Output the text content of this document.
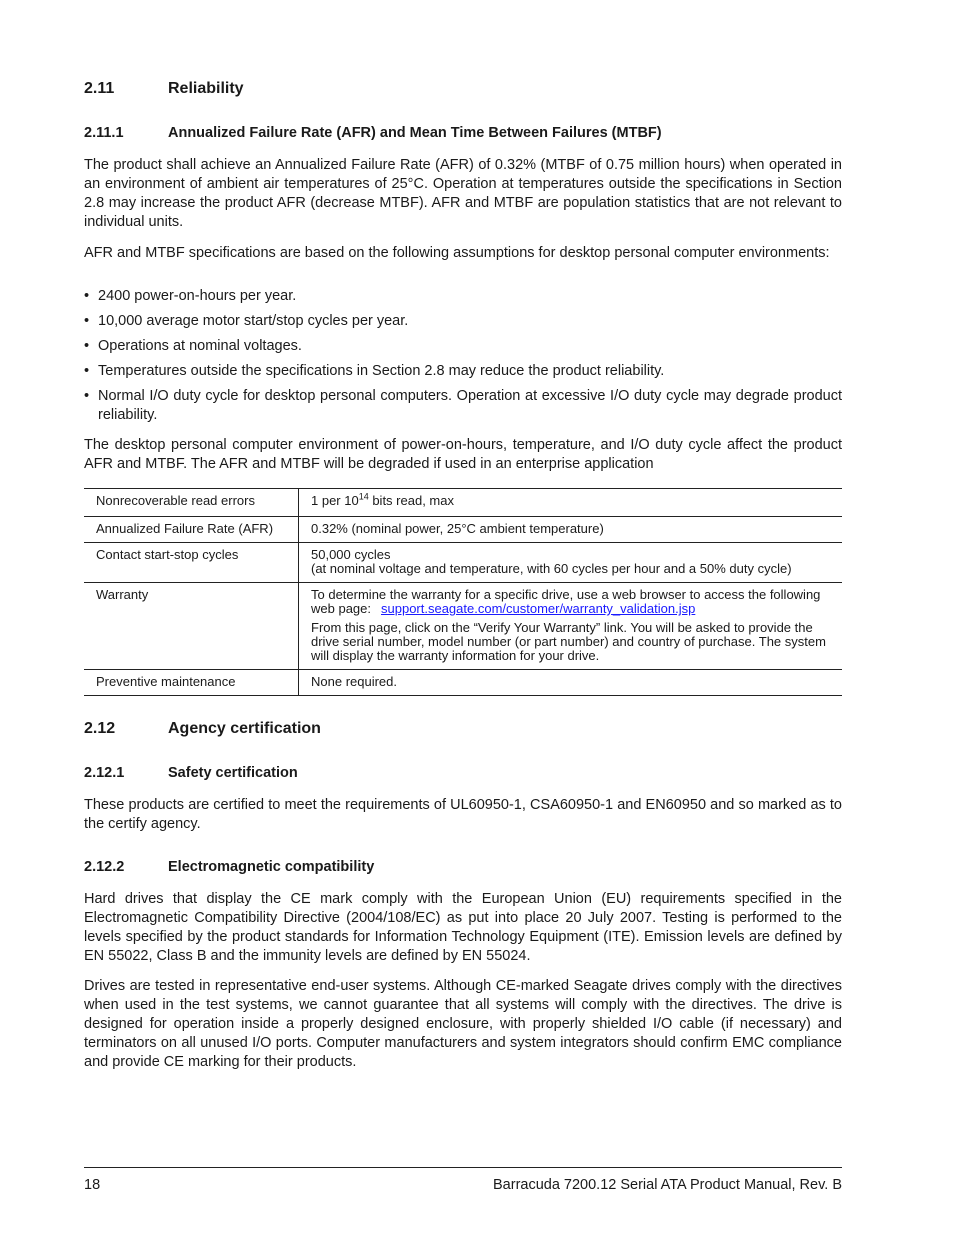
2.11	Reliability
2.11.1	Annualized Failure Rate (AFR) and Mean Time Between Failures (MTBF)

The product shall achieve an Annualized Failure Rate (AFR) of 0.32% (MTBF of 0.75 million hours) when operated in an environment of ambient air temperatures of 25°C. Operation at temperatures outside the specifications in Section 2.8 may increase the product AFR (decrease MTBF). AFR and MTBF are population statistics that are not relevant to individual units.

AFR and MTBF specifications are based on the following assumptions for desktop personal computer environments:

• 2400 power-on-hours per year.
• 10,000 average motor start/stop cycles per year.
• Operations at nominal voltages.
• Temperatures outside the specifications in Section 2.8 may reduce the product reliability.
• Normal I/O duty cycle for desktop personal computers. Operation at excessive I/O duty cycle may degrade product reliability.

The desktop personal computer environment of power-on-hours, temperature, and I/O duty cycle affect the product AFR and MTBF. The AFR and MTBF will be degraded if used in an enterprise application

Nonrecoverable read errors	1 per $10^{14}$ bits read, max
Annualized Failure Rate (AFR)	0.32% (nominal power, 25°C ambient temperature)
Contact start-stop cycles	50,000 cycles
(at nominal voltage and temperature, with 60 cycles per hour and a 50% duty cycle)

Warranty	To determine the warranty for a specific drive, use a web browser to access the following web page: support.seagate.com/customer/warranty_validation.jsp
From this page, click on the “Verify Your Warranty” link. You will be asked to provide the drive serial number, model number (or part number) and country of purchase. The system will display the warranty information for your drive.

Preventive maintenance	None required.
2.12	Agency certification
2.12.1	Safety certification

These products are certified to meet the requirements of UL60950-1, CSA60950-1 and EN60950 and so marked as to the certify agency.

2.12.2	Electromagnetic compatibility

Hard drives that display the CE mark comply with the European Union (EU) requirements specified in the Electromagnetic Compatibility Directive (2004/108/EC) as put into place 20 July 2007. Testing is performed to the levels specified by the product standards for Information Technology Equipment (ITE). Emission levels are defined by EN 55022, Class B and the immunity levels are defined by EN 55024.

Drives are tested in representative end-user systems. Although CE-marked Seagate drives comply with the directives when used in the test systems, we cannot guarantee that all systems will comply with the directives. The drive is designed for operation inside a properly designed enclosure, with properly shielded I/O cable (if necessary) and terminators on all unused I/O ports. Computer manufacturers and system integrators should confirm EMC compliance and provide CE marking for their products.

18	Barracuda 7200.12 Serial ATA Product Manual, Rev. B
